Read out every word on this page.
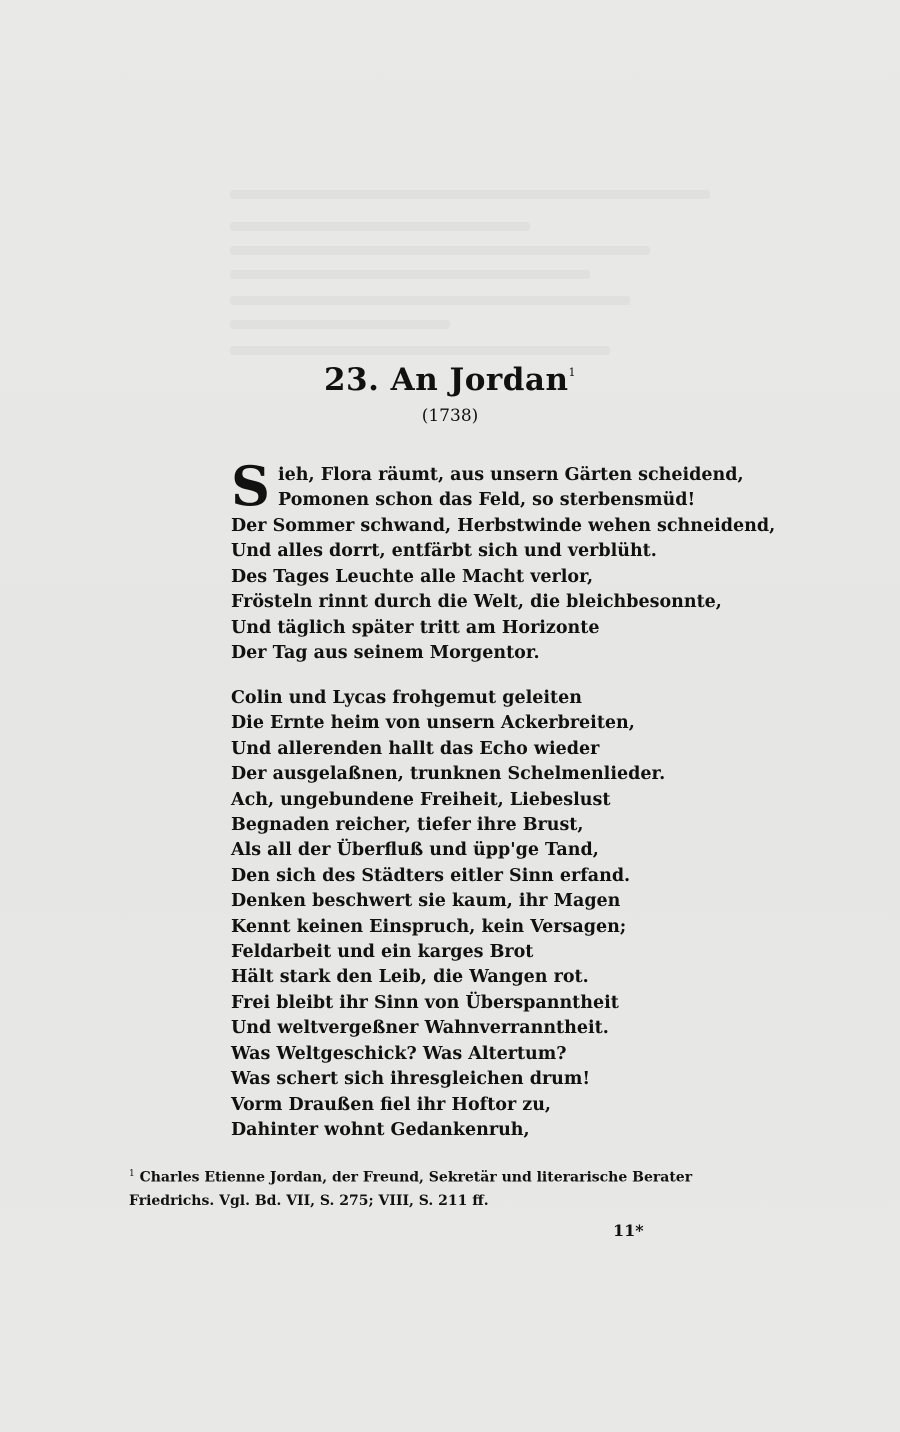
23. An Jordan$^1$
(1738)
S ieh, Flora räumt, aus unsern Gärten scheidend,
Pomonen schon das Feld, so sterbensmüd!
Der Sommer schwand, Herbstwinde wehen schneidend,
Und alles dorrt, entfärbt sich und verblüht.
Des Tages Leuchte alle Macht verlor,
Frösteln rinnt durch die Welt, die bleichbesonnte,
Und täglich später tritt am Horizonte
Der Tag aus seinem Morgentor.
Colin und Lycas frohgemut geleiten
Die Ernte heim von unsern Ackerbreiten,
Und allerenden hallt das Echo wieder
Der ausgelaßnen, trunknen Schelmenlieder.
Ach, ungebundene Freiheit, Liebeslust
Begnaden reicher, tiefer ihre Brust,
Als all der Überfluß und üpp'ge Tand,
Den sich des Städters eitler Sinn erfand.
Denken beschwert sie kaum, ihr Magen
Kennt keinen Einspruch, kein Versagen;
Feldarbeit und ein karges Brot
Hält stark den Leib, die Wangen rot.
Frei bleibt ihr Sinn von Überspanntheit
Und weltvergeßner Wahnverranntheit.
Was Weltgeschick? Was Altertum?
Was schert sich ihresgleichen drum!
Vorm Draußen fiel ihr Hoftor zu,
Dahinter wohnt Gedankenruh,
$^1$ Charles Etienne Jordan, der Freund, Sekretär und literarische Berater Friedrichs. Vgl. Bd. VII, S. 275; VIII, S. 211 ff.
11*
